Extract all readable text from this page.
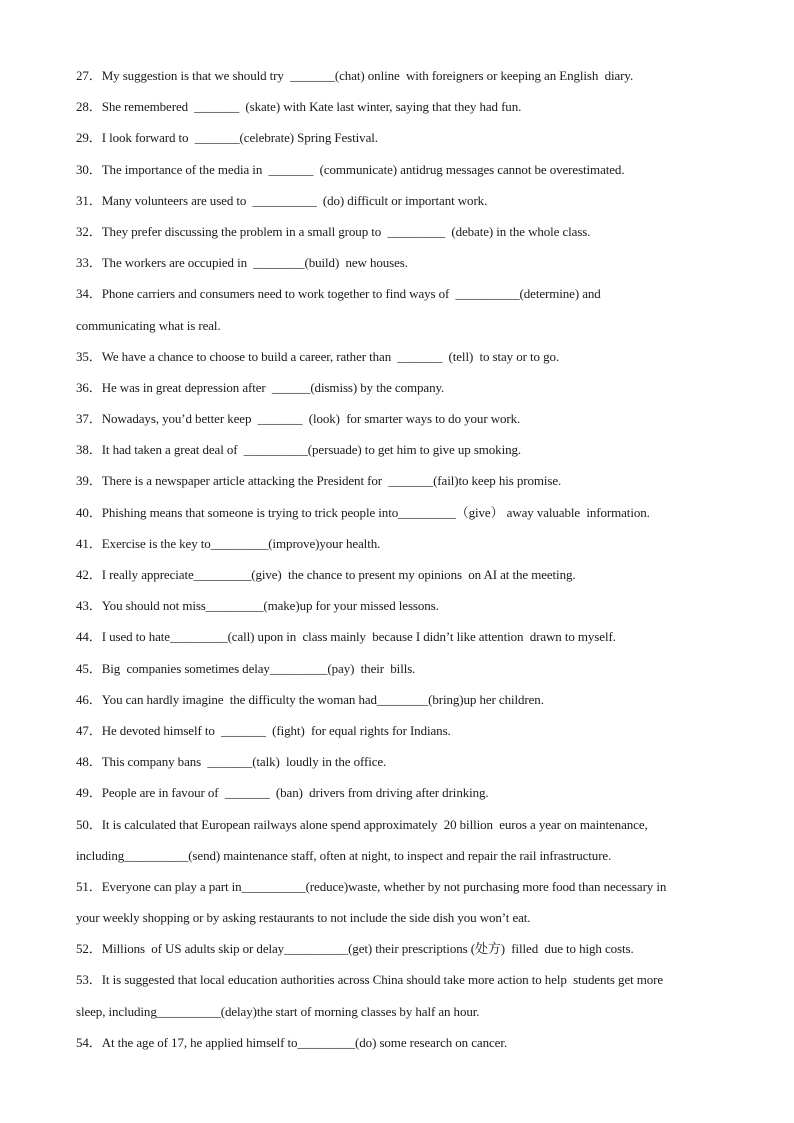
27．My suggestion is that we should try  _______(chat) online  with foreigners or keeping an English  diary.
28．She remembered  _______  (skate) with Kate last winter, saying that they had fun.
29．I look forward to  _______(celebrate) Spring Festival.
30．The importance of the media in  _______  (communicate) antidrug messages cannot be overestimated.
31．Many volunteers are used to  __________  (do) difficult or important work.
32．They prefer discussing the problem in a small group to  _________  (debate) in the whole class.
33．The workers are occupied in  ________(build)  new houses.
34．Phone carriers and consumers need to work together to find ways of  __________(determine) and
communicating what is real.
35．We have a chance to choose to build a career, rather than  _______  (tell)  to stay or to go.
36．He was in great depression after  ______(dismiss) by the company.
37．Nowadays, you’d better keep  _______  (look)  for smarter ways to do your work.
38．It had taken a great deal of  __________(persuade) to get him to give up smoking.
39．There is a newspaper article attacking the President for  _______(fail)to keep his promise.
40．Phishing means that someone is trying to trick people into_________（give） away valuable  information.
41．Exercise is the key to_________(improve)your health.
42．I really appreciate_________(give)  the chance to present my opinions  on AI at the meeting.
43．You should not miss_________(make)up for your missed lessons.
44．I used to hate_________(call) upon in  class mainly  because I didn’t like attention  drawn to myself.
45．Big  companies sometimes delay_________(pay)  their  bills.
46．You can hardly imagine  the difficulty the woman had________(bring)up her children.
47．He devoted himself to  _______  (fight)  for equal rights for Indians.
48．This company bans  _______(talk)  loudly in the office.
49．People are in favour of  _______  (ban)  drivers from driving after drinking.
50．It is calculated that European railways alone spend approximately  20 billion  euros a year on maintenance,
including__________(send) maintenance staff, often at night, to inspect and repair the rail infrastructure.
51．Everyone can play a part in__________(reduce)waste, whether by not purchasing more food than necessary in
your weekly shopping or by asking restaurants to not include the side dish you won’t eat.
52．Millions  of US adults skip or delay__________(get) their prescriptions (处方)  filled  due to high costs.
53．It is suggested that local education authorities across China should take more action to help  students get more
sleep, including__________(delay)the start of morning classes by half an hour.
54．At the age of 17, he applied himself to_________(do) some research on cancer.
